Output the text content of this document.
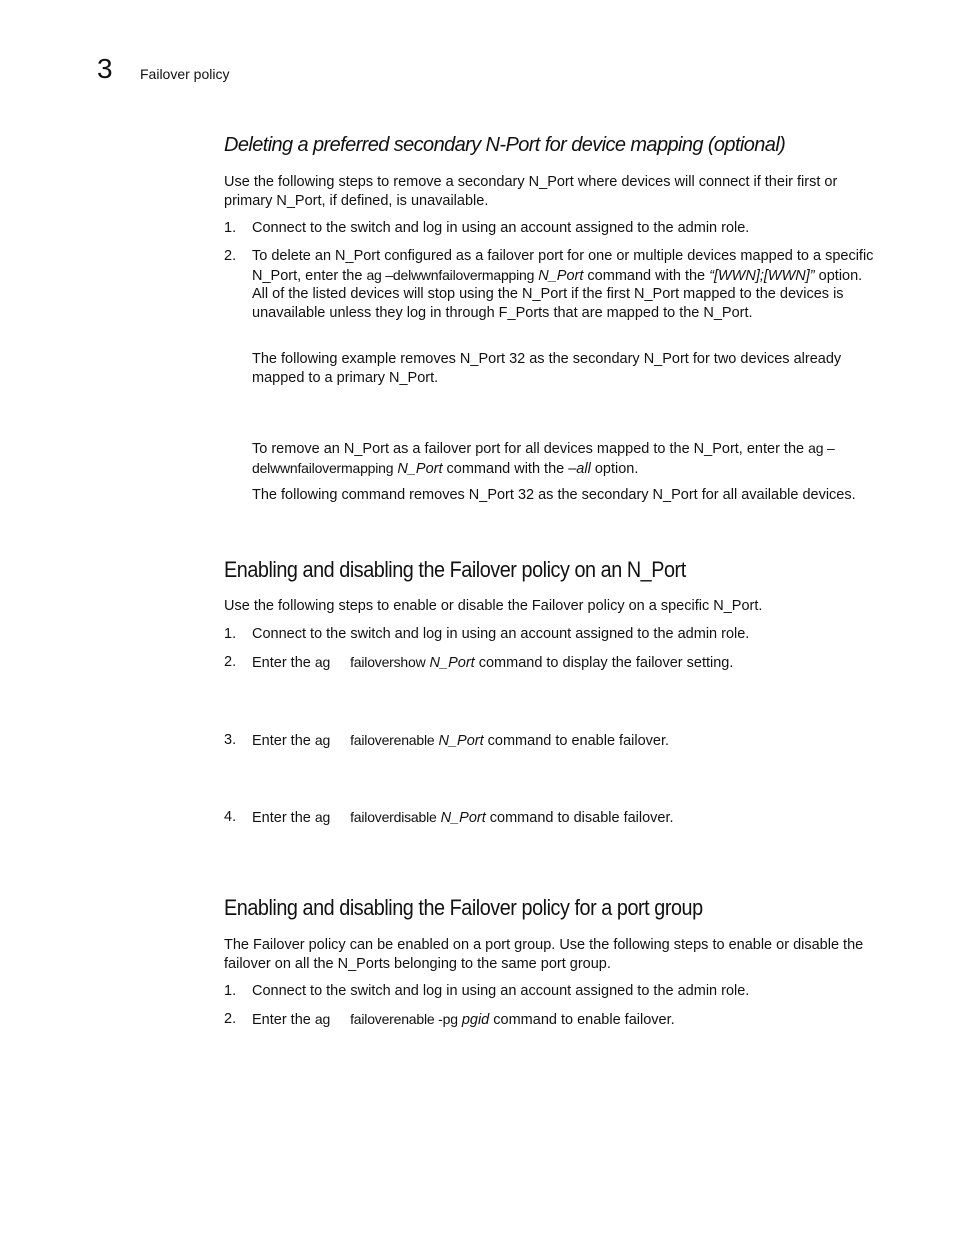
3 Failover policy
Deleting a preferred secondary N-Port for device mapping (optional)

Use the following steps to remove a secondary N_Port where devices will connect if their first or primary N_Port, if defined, is unavailable.

1. Connect to the switch and log in using an account assigned to the admin role.
2. To delete an N_Port configured as a failover port for one or multiple devices mapped to a specific N_Port, enter the ag –delwwnfailovermapping N_Port command with the “[WWN];[WWN]” option. All of the listed devices will stop using the N_Port if the first N_Port mapped to the devices is unavailable unless they log in through F_Ports that are mapped to the N_Port.

The following example removes N_Port 32 as the secondary N_Port for two devices already mapped to a primary N_Port.

To remove an N_Port as a failover port for all devices mapped to the N_Port, enter the ag –delwwnfailovermapping N_Port command with the –all option.

The following command removes N_Port 32 as the secondary N_Port for all available devices.

Enabling and disabling the Failover policy on an N_Port

Use the following steps to enable or disable the Failover policy on a specific N_Port.

1. Connect to the switch and log in using an account assigned to the admin role.
2. Enter the ag failovershow N_Port command to display the failover setting.
3. Enter the ag failoverenable N_Port command to enable failover.
4. Enter the ag failoverdisable N_Port command to disable failover.
Enabling and disabling the Failover policy for a port group

The Failover policy can be enabled on a port group. Use the following steps to enable or disable the failover on all the N_Ports belonging to the same port group.

1. Connect to the switch and log in using an account assigned to the admin role.
2. Enter the ag failoverenable -pg pgid command to enable failover.
